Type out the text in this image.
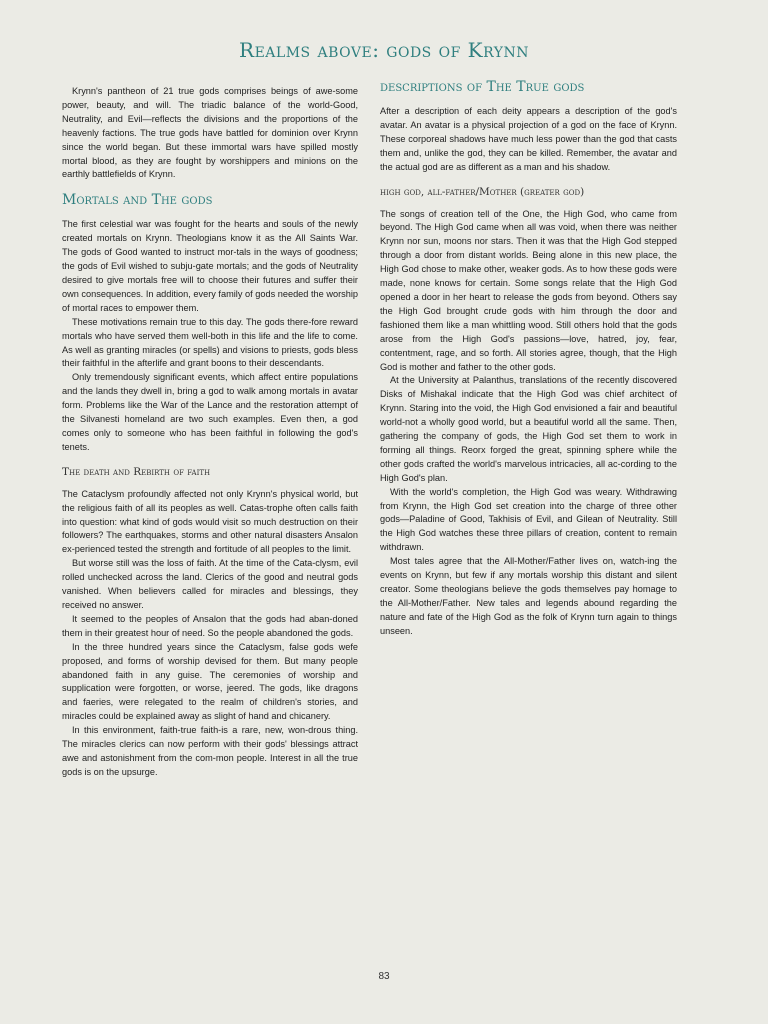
Realms above: gods of Krynn

Krynn's pantheon of 21 true gods comprises beings of awe-some power, beauty, and will. The triadic balance of the world-Good, Neutrality, and Evil—reflects the divisions and the proportions of the heavenly factions. The true gods have battled for dominion over Krynn since the world began. But these immortal wars have spilled mostly mortal blood, as they are fought by worshippers and minions on the earthly battlefields of Krynn.

Mortals and The gods

The first celestial war was fought for the hearts and souls of the newly created mortals on Krynn. Theologians know it as the All Saints War. The gods of Good wanted to instruct mor-tals in the ways of goodness; the gods of Evil wished to subju-gate mortals; and the gods of Neutrality desired to give mortals free will to choose their futures and suffer their own consequences. In addition, every family of gods needed the worship of mortal races to empower them.

These motivations remain true to this day. The gods there-fore reward mortals who have served them well-both in this life and the life to come. As well as granting miracles (or spells) and visions to priests, gods bless their faithful in the afterlife and grant boons to their descendants.

Only tremendously significant events, which affect entire populations and the lands they dwell in, bring a god to walk among mortals in avatar form. Problems like the War of the Lance and the restoration attempt of the Silvanesti homeland are two such examples. Even then, a god comes only to someone who has been faithful in following the god's tenets.

The death and Rebirth of faith

The Cataclysm profoundly affected not only Krynn's physical world, but the religious faith of all its peoples as well. Catas-trophe often calls faith into question: what kind of gods would visit so much destruction on their followers? The earthquakes, storms and other natural disasters Ansalon ex-perienced tested the strength and fortitude of all peoples to the limit.

But worse still was the loss of faith. At the time of the Cata-clysm, evil rolled unchecked across the land. Clerics of the good and neutral gods vanished. When believers called for miracles and blessings, they received no answer.

It seemed to the peoples of Ansalon that the gods had aban-doned them in their greatest hour of need. So the people abandoned the gods.

In the three hundred years since the Cataclysm, false gods wefe proposed, and forms of worship devised for them. But many people abandoned faith in any guise. The ceremonies of worship and supplication were forgotten, or worse, jeered. The gods, like dragons and faeries, were relegated to the realm of children's stories, and miracles could be explained away as slight of hand and chicanery.

In this environment, faith-true faith-is a rare, new, won-drous thing. The miracles clerics can now perform with their gods' blessings attract awe and astonishment from the com-mon people. Interest in all the true gods is on the upsurge.

descriptions of The True gods

After a description of each deity appears a description of the god's avatar. An avatar is a physical projection of a god on the face of Krynn. These corporeal shadows have much less power than the god that casts them and, unlike the god, they can be killed. Remember, the avatar and the actual god are as different as a man and his shadow.

high god, all-father/Mother (greater god)

The songs of creation tell of the One, the High God, who came from beyond. The High God came when all was void, when there was neither Krynn nor sun, moons nor stars. Then it was that the High God stepped through a door from distant worlds. Being alone in this new place, the High God chose to make other, weaker gods. As to how these gods were made, none knows for certain. Some songs relate that the High God opened a door in her heart to release the gods from beyond. Others say the High God brought crude gods with him through the door and fashioned them like a man whittling wood. Still others hold that the gods arose from the High God's passions—love, hatred, joy, fear, contentment, rage, and so forth. All stories agree, though, that the High God is mother and father to the other gods.

At the University at Palanthus, translations of the recently discovered Disks of Mishakal indicate that the High God was chief architect of Krynn. Staring into the void, the High God envisioned a fair and beautiful world-not a wholly good world, but a beautiful world all the same. Then, gathering the company of gods, the High God set them to work in forming all things. Reorx forged the great, spinning sphere while the other gods crafted the world's marvelous intricacies, all ac-cording to the High God's plan.

With the world's completion, the High God was weary. Withdrawing from Krynn, the High God set creation into the charge of three other gods—Paladine of Good, Takhisis of Evil, and Gilean of Neutrality. Still the High God watches these three pillars of creation, content to remain withdrawn.

Most tales agree that the All-Mother/Father lives on, watch-ing the events on Krynn, but few if any mortals worship this distant and silent creator. Some theologians believe the gods themselves pay homage to the All-Mother/Father. New tales and legends abound regarding the nature and fate of the High God as the folk of Krynn turn again to things unseen.

83
